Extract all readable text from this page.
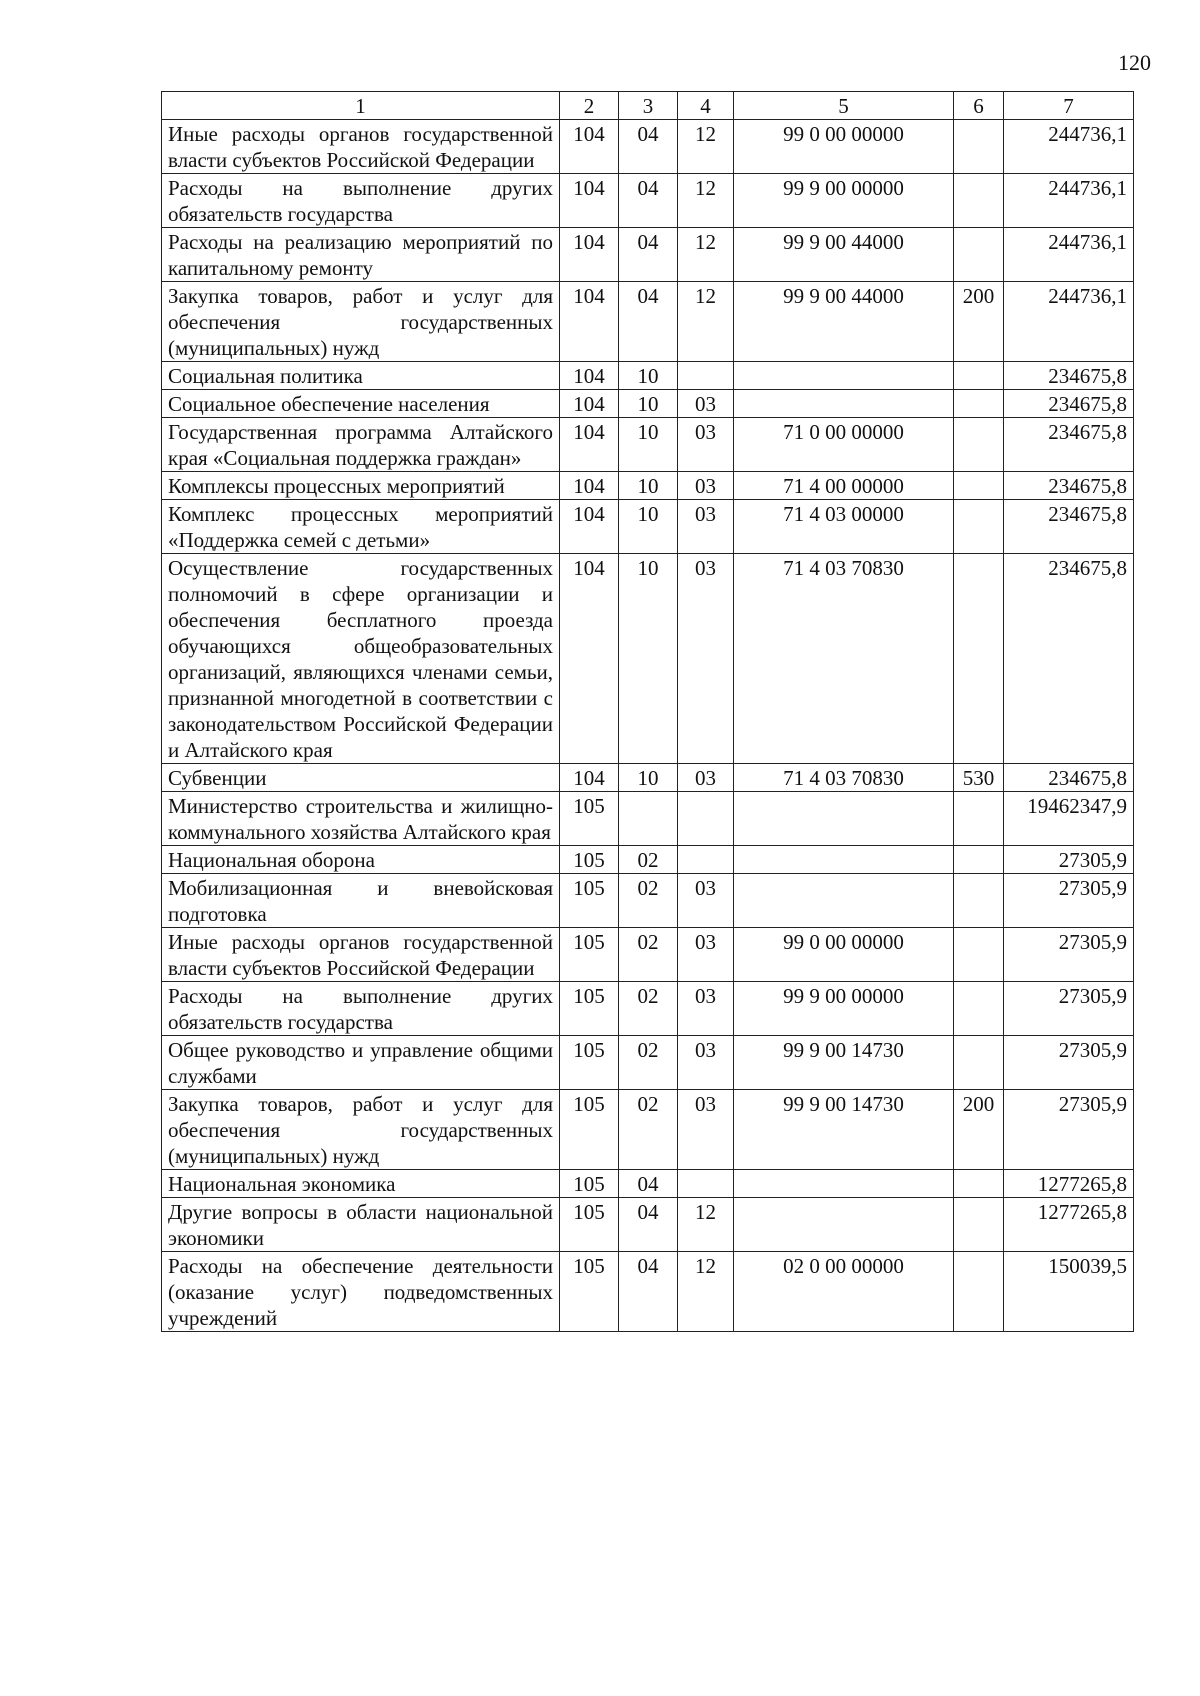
120
1	2	3	4	5	6	7
Иные расходы органов государственной власти субъектов Российской Федерации	104	04	12	99 0 00 00000		244736,1
Расходы на выполнение других обязательств государства	104	04	12	99 9 00 00000		244736,1
Расходы на реализацию мероприятий по капитальному ремонту	104	04	12	99 9 00 44000		244736,1
Закупка товаров, работ и услуг для обеспечения государственных (муниципальных) нужд	104	04	12	99 9 00 44000	200	244736,1
Социальная политика	104	10				234675,8
Социальное обеспечение населения	104	10	03			234675,8
Государственная программа Алтайского края «Социальная поддержка граждан»	104	10	03	71 0 00 00000		234675,8
Комплексы процессных мероприятий	104	10	03	71 4 00 00000		234675,8
Комплекс процессных мероприятий «Поддержка семей с детьми»	104	10	03	71 4 03 00000		234675,8
Осуществление государственных полномочий в сфере организации и обеспечения бесплатного проезда обучающихся общеобразовательных организаций, являющихся членами семьи, признанной многодетной в соответствии с законодательством Российской Федерации и Алтайского края	104	10	03	71 4 03 70830		234675,8
Субвенции	104	10	03	71 4 03 70830	530	234675,8
Министерство строительства и жилищно-коммунального хозяйства Алтайского края	105					19462347,9
Национальная оборона	105	02				27305,9
Мобилизационная и вневойсковая подготовка	105	02	03			27305,9
Иные расходы органов государственной власти субъектов Российской Федерации	105	02	03	99 0 00 00000		27305,9
Расходы на выполнение других обязательств государства	105	02	03	99 9 00 00000		27305,9
Общее руководство и управление общими службами	105	02	03	99 9 00 14730		27305,9
Закупка товаров, работ и услуг для обеспечения государственных (муниципальных) нужд	105	02	03	99 9 00 14730	200	27305,9
Национальная экономика	105	04				1277265,8
Другие вопросы в области национальной экономики	105	04	12			1277265,8
Расходы на обеспечение деятельности (оказание услуг) подведомственных учреждений	105	04	12	02 0 00 00000		150039,5
